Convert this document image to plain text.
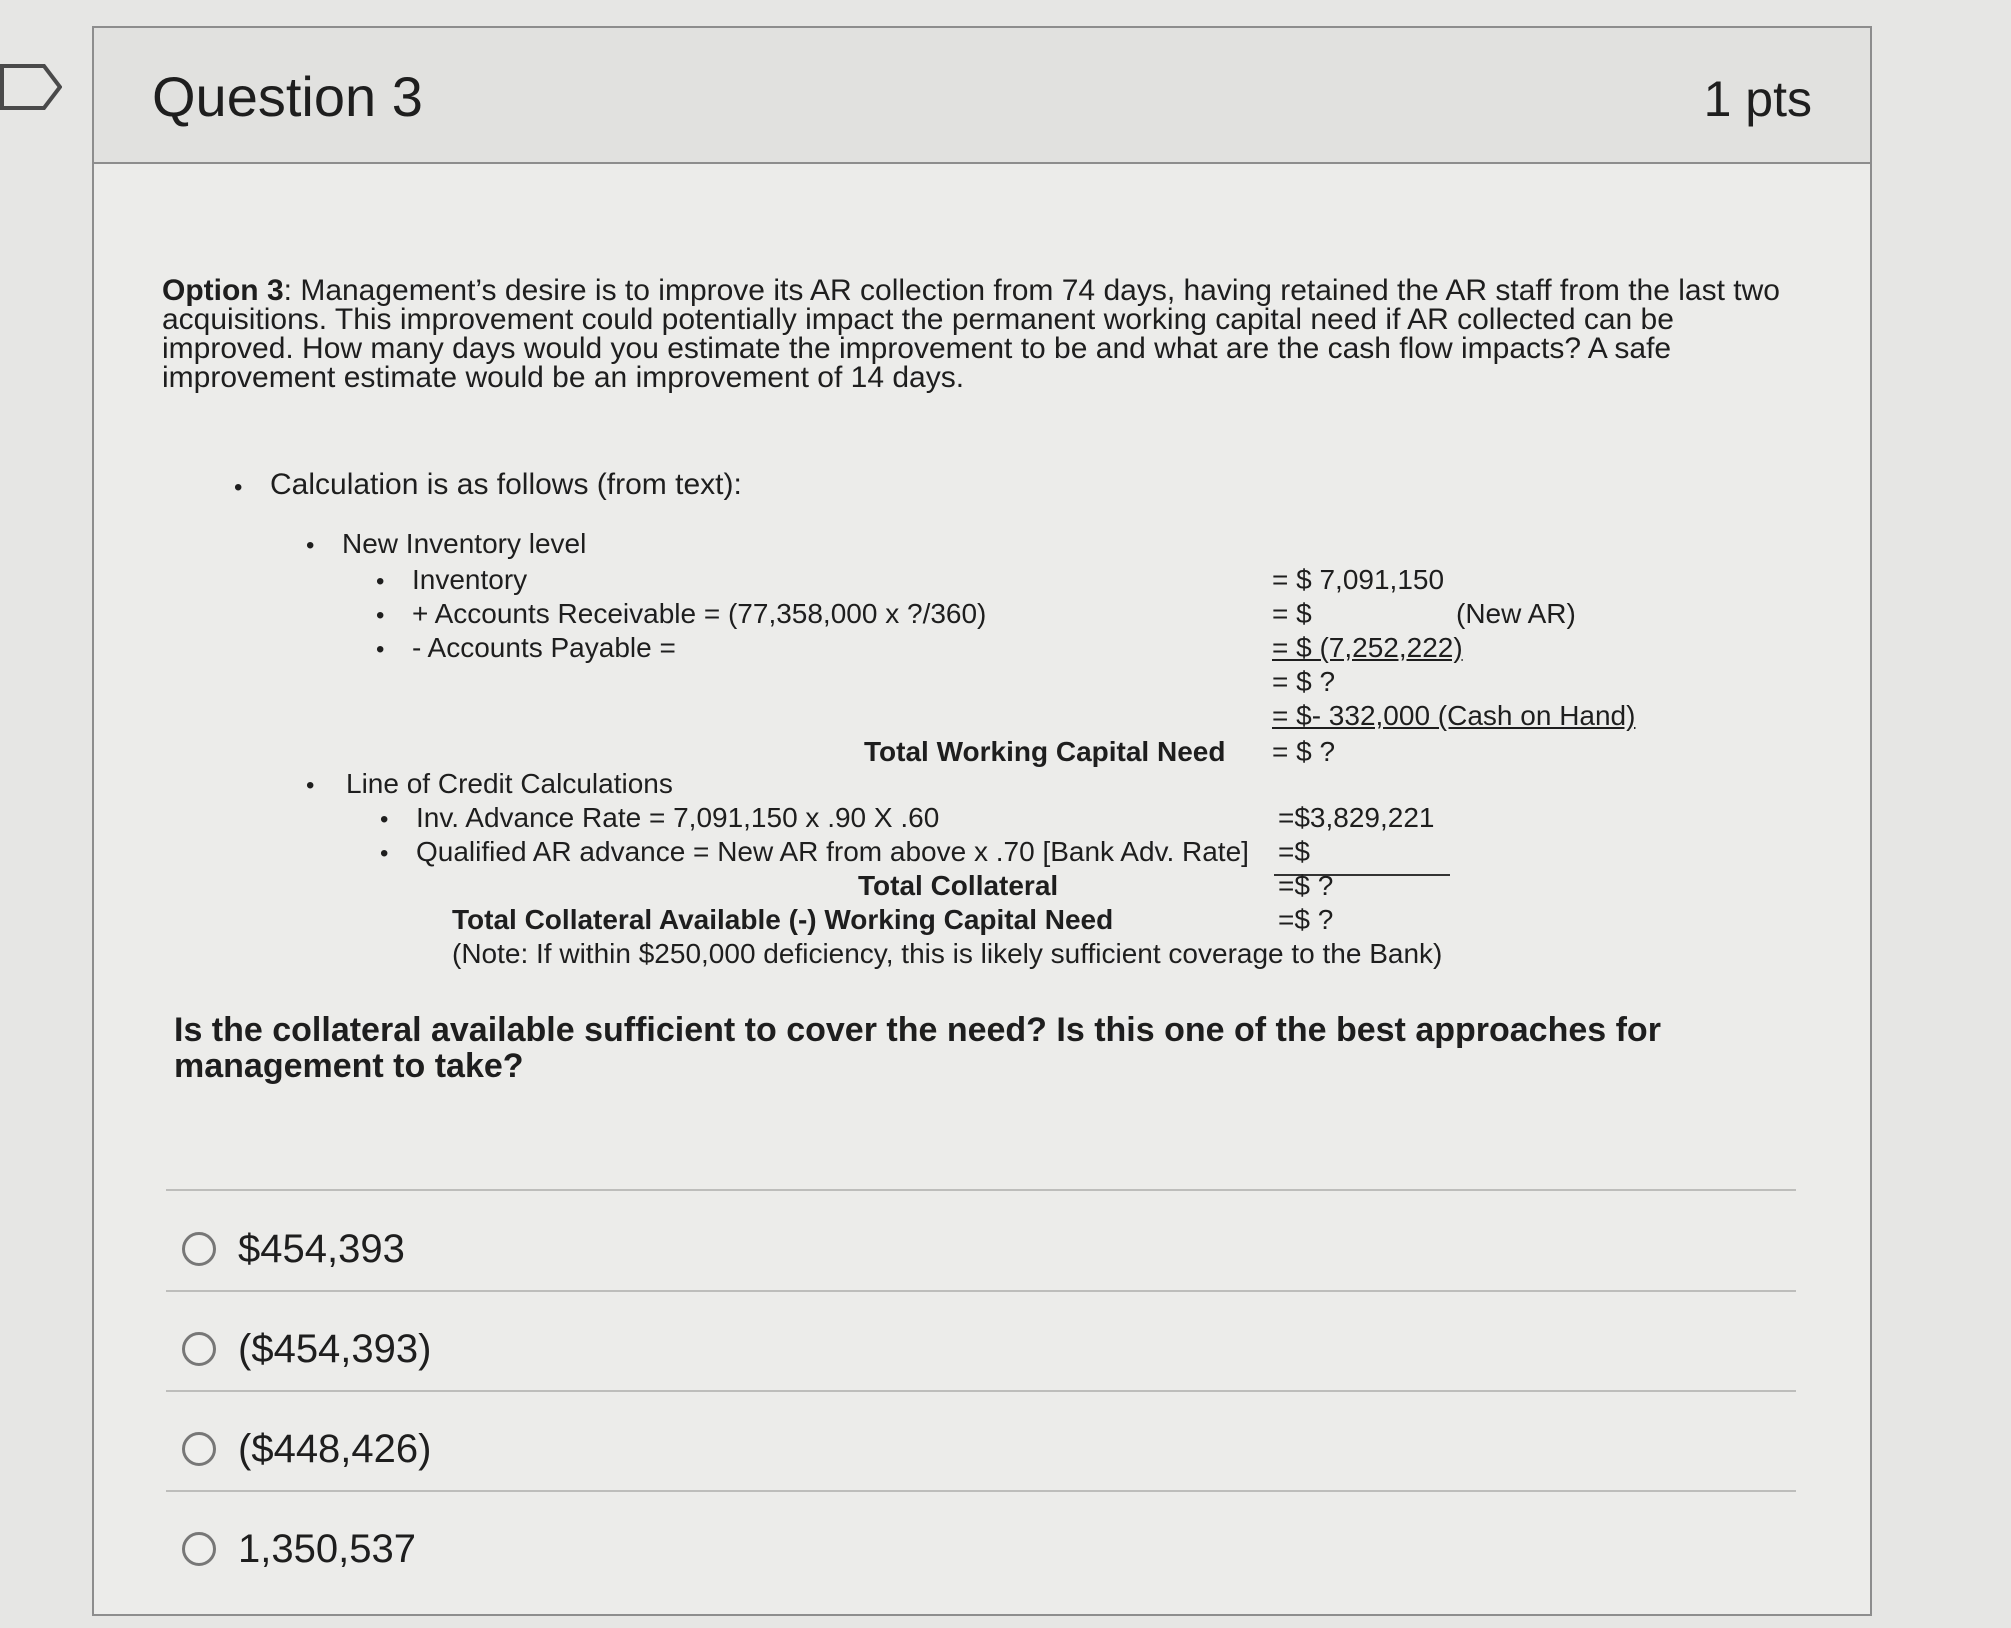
Question 3	1 pts
Option 3: Management’s desire is to improve its AR collection from 74 days, having retained the AR staff from the last two acquisitions. This improvement could potentially impact the permanent working capital need if AR collected can be improved. How many days would you estimate the improvement to be and what are the cash flow impacts? A safe improvement estimate would be an improvement of 14 days.
• Calculation is as follows (from text):
• New Inventory level
• Inventory	= $ 7,091,150
• + Accounts Receivable = (77,358,000 x ?/360)	= $	(New AR)
• - Accounts Payable =	= $ (7,252,222)
= $ ?
= $- 332,000 (Cash on Hand)
Total Working Capital Need = $ ?
• Line of Credit Calculations
• Inv. Advance Rate = 7,091,150 x .90 X .60	=$3,829,221
• Qualified AR advance = New AR from above x .70 [Bank Adv. Rate] =$
Total Collateral	=$ ?
Total Collateral Available (-) Working Capital Need	=$ ?
(Note: If within $250,000 deficiency, this is likely sufficient coverage to the Bank)
Is the collateral available sufficient to cover the need? Is this one of the best approaches for management to take?
$454,393
($454,393)
($448,426)
1,350,537
